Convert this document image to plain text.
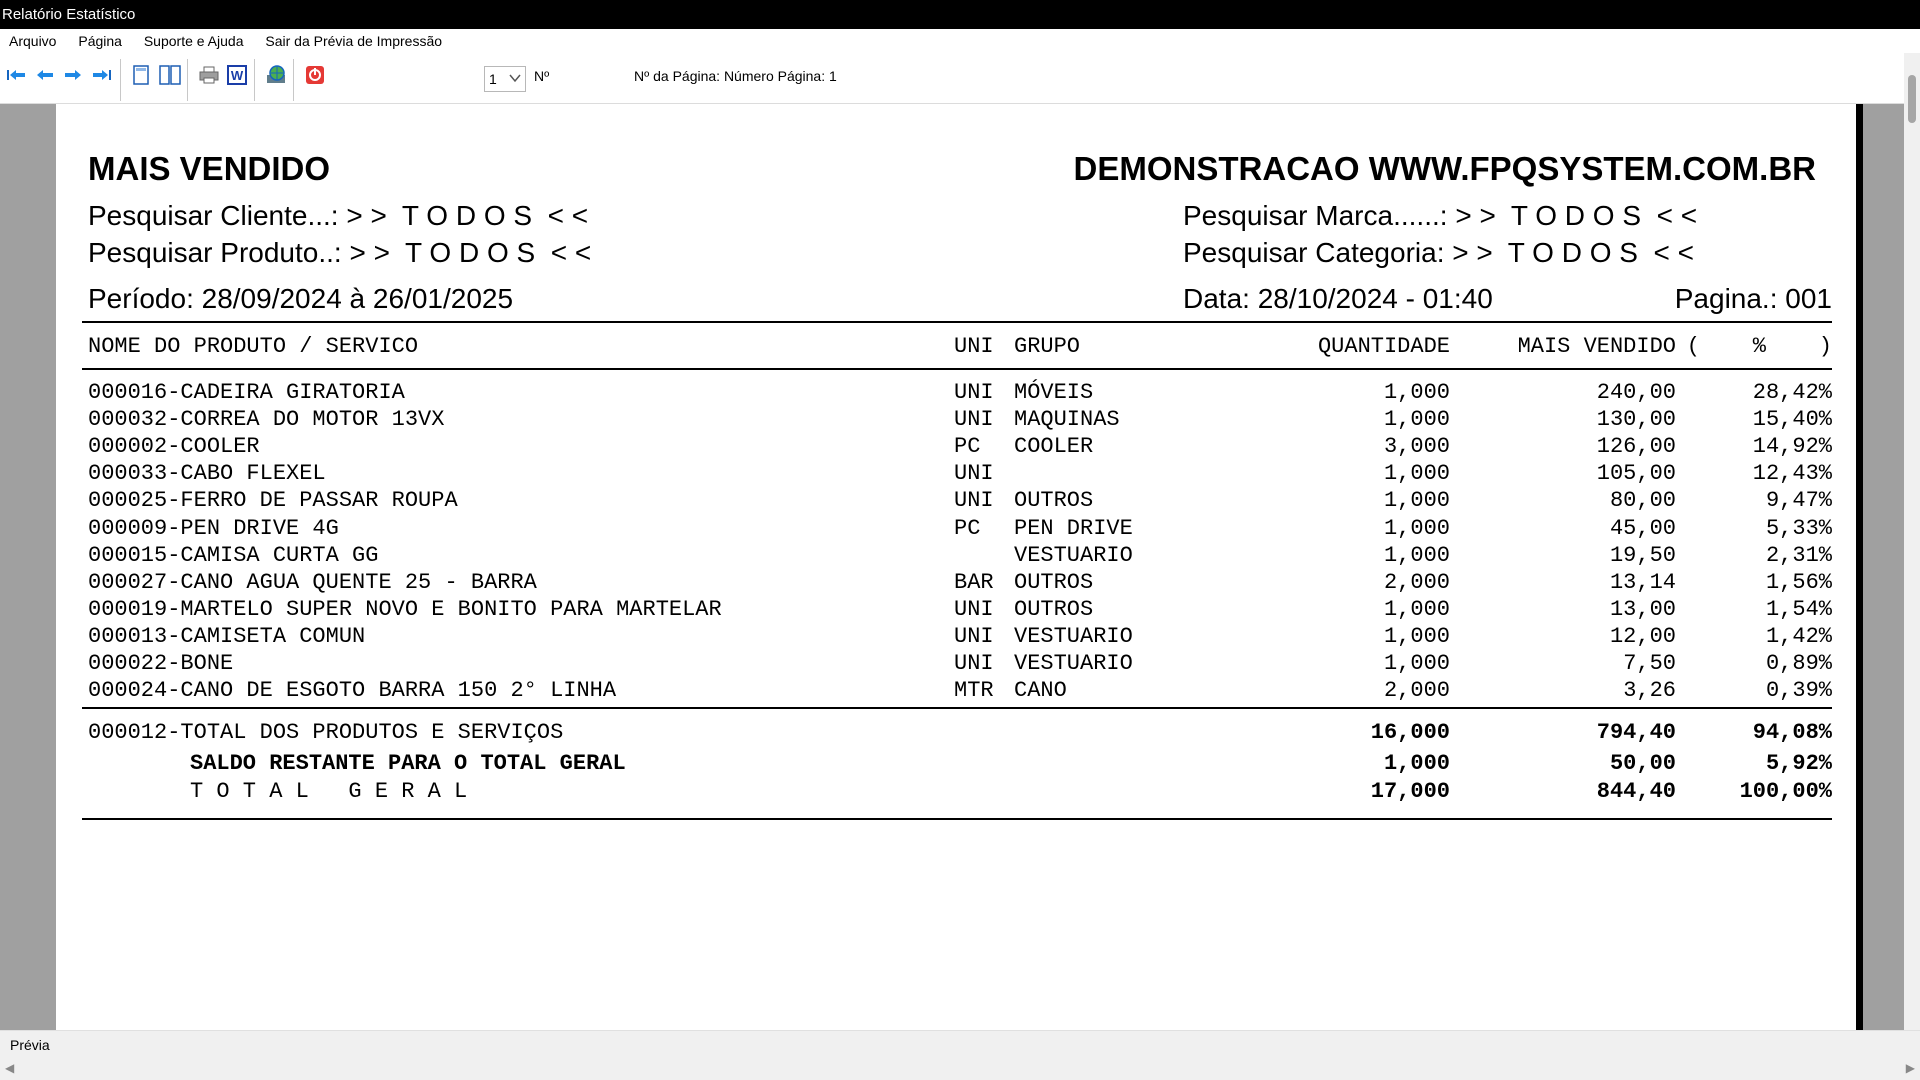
Relatório Estatístico
Arquivo Página Suporte e Ajuda Sair da Prévia de Impressão
W	1	Nº	Nº da Página: Número Página: 1
MAIS VENDIDO	DEMONSTRACAO WWW.FPQSYSTEM.COM.BR
Pesquisar Cliente...: > >  T O D O S  < <
Pesquisar Produto..: > >  T O D O S  < <
Pesquisar Marca......: > >  T O D O S  < <
Pesquisar Categoria: > >  T O D O S  < <
Período: 28/09/2024 à 26/01/2025	Data: 28/10/2024 - 01:40	Pagina.: 001
NOME DO PRODUTO / SERVICO	UNI GRUPO	QUANTIDADE	MAIS VENDIDO (    %    )
000016-CADEIRA GIRATORIA	UNI MÓVEIS	1,000	240,00	28,42%
000032-CORREA DO MOTOR 13VX	UNI MAQUINAS	1,000	130,00	15,40%
000002-COOLER	PC COOLER	3,000	126,00	14,92%
000033-CABO FLEXEL	UNI	1,000	105,00	12,43%
000025-FERRO DE PASSAR ROUPA	UNI OUTROS	1,000	80,00	9,47%
000009-PEN DRIVE 4G	PC PEN DRIVE	1,000	45,00	5,33%
000015-CAMISA CURTA GG	VESTUARIO	1,000	19,50	2,31%
000027-CANO AGUA QUENTE 25 - BARRA	BAR OUTROS	2,000	13,14	1,56%
000019-MARTELO SUPER NOVO E BONITO PARA MARTELAR	UNI OUTROS	1,000	13,00	1,54%
000013-CAMISETA COMUN	UNI VESTUARIO	1,000	12,00	1,42%
000022-BONE	UNI VESTUARIO	1,000	7,50	0,89%
000024-CANO DE ESGOTO BARRA 150 2° LINHA	MTR CANO	2,000	3,26	0,39%
000012-TOTAL DOS PRODUTOS E SERVIÇOS	16,000	794,40	94,08%
SALDO RESTANTE PARA O TOTAL GERAL	1,000	50,00	5,92%
T O T A L   G E R A L	17,000	844,40	100,00%
Prévia
◀	▶
